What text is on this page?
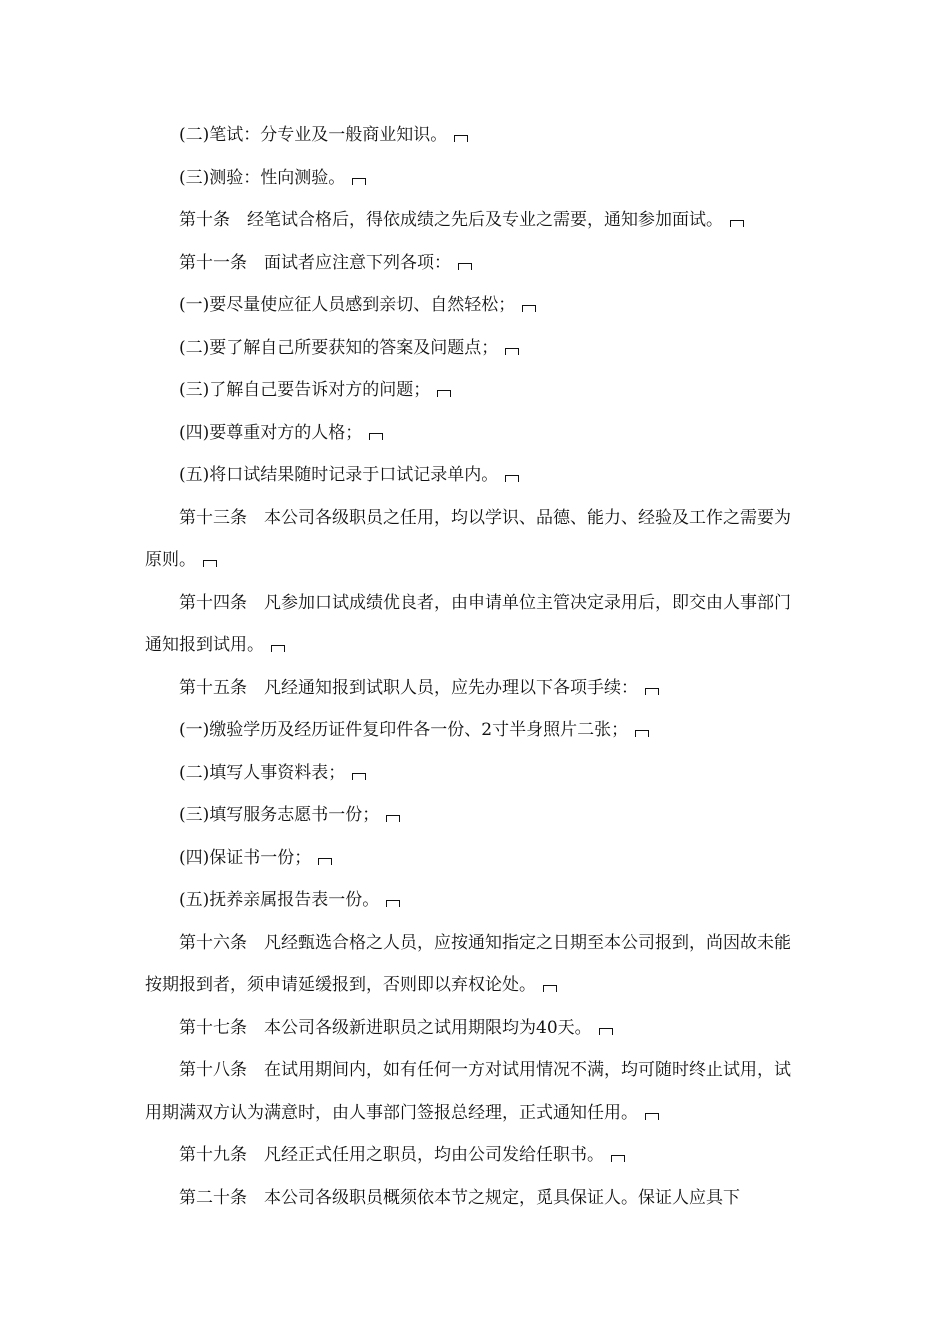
(二)笔试：分专业及一般商业知识。

(三)测验：性向测验。

第十条　经笔试合格后，得依成绩之先后及专业之需要，通知参加面试。

第十一条　面试者应注意下列各项：

(一)要尽量使应征人员感到亲切、自然轻松；

(二)要了解自己所要获知的答案及问题点；

(三)了解自己要告诉对方的问题；

(四)要尊重对方的人格；

(五)将口试结果随时记录于口试记录单内。

第十三条　本公司各级职员之任用，均以学识、品德、能力、经验及工作之需要为原则。

第十四条　凡参加口试成绩优良者，由申请单位主管决定录用后，即交由人事部门通知报到试用。

第十五条　凡经通知报到试职人员，应先办理以下各项手续：

(一)缴验学历及经历证件复印件各一份、2寸半身照片二张；

(二)填写人事资料表；

(三)填写服务志愿书一份；

(四)保证书一份；

(五)抚养亲属报告表一份。

第十六条　凡经甄选合格之人员，应按通知指定之日期至本公司报到，尚因故未能按期报到者，须申请延缓报到，否则即以弃权论处。

第十七条　本公司各级新进职员之试用期限均为40天。

第十八条　在试用期间内，如有任何一方对试用情况不满，均可随时终止试用，试用期满双方认为满意时，由人事部门签报总经理，正式通知任用。

第十九条　凡经正式任用之职员，均由公司发给任职书。

第二十条　本公司各级职员概须依本节之规定，觅具保证人。保证人应具下
